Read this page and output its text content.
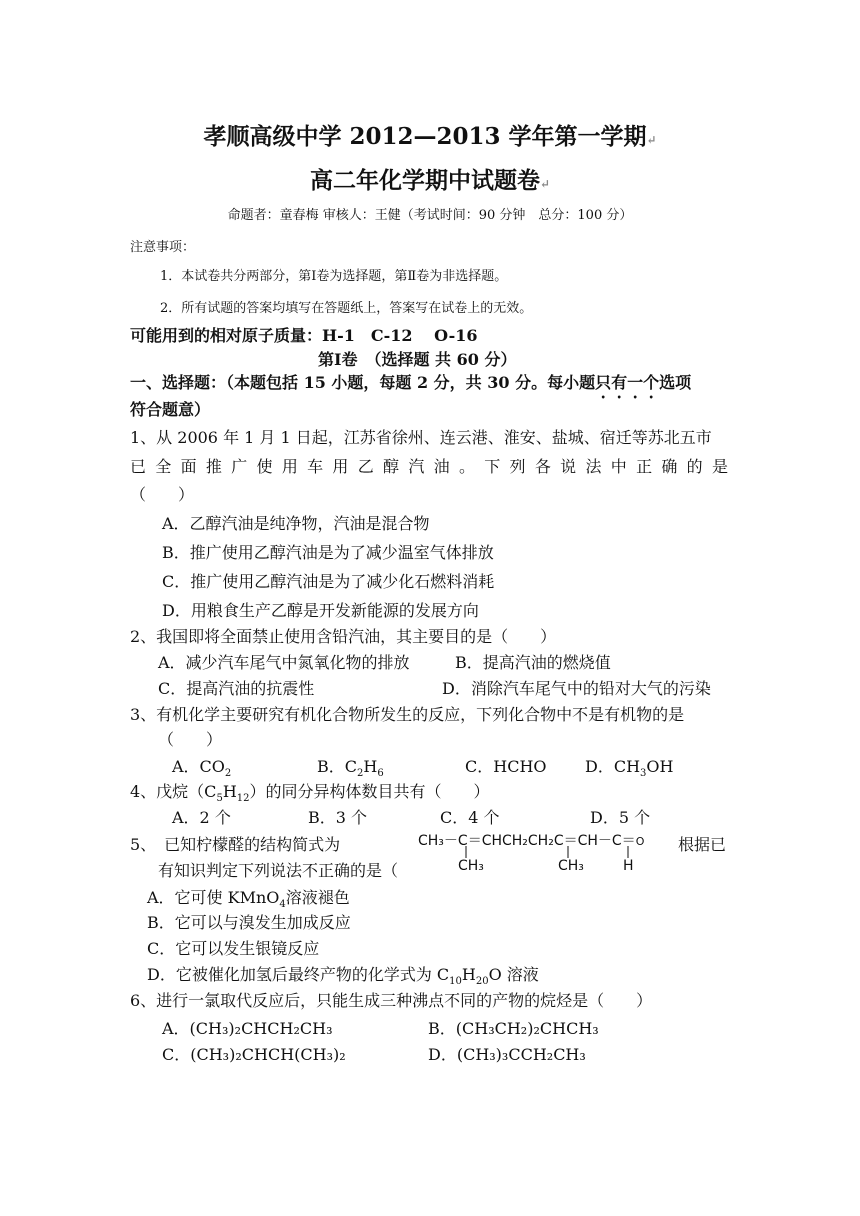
孝顺高级中学 2012—2013 学年第一学期↵
高二年化学期中试题卷↵
命题者：童春梅 审核人：王健（考试时间：90 分钟　总分：100 分）
注意事项：
1．本试卷共分两部分，第Ⅰ卷为选择题，第Ⅱ卷为非选择题。
2．所有试题的答案均填写在答题纸上，答案写在试卷上的无效。
可能用到的相对原子质量：H-1　C-12　 O-16
第Ⅰ卷　（选择题 共 60 分）
一、选择题：（本题包括 15 小题，每题 2 分，共 30 分。每小题只有一个选项
符合题意）
1、从 2006 年 1 月 1 日起，江苏省徐州、连云港、淮安、盐城、宿迁等苏北五市
已全面推广使用车用乙醇汽油。下列各说法中正确的是
（　　）
A．乙醇汽油是纯净物，汽油是混合物
B．推广使用乙醇汽油是为了减少温室气体排放
C．推广使用乙醇汽油是为了减少化石燃料消耗
D．用粮食生产乙醇是开发新能源的发展方向
2、我国即将全面禁止使用含铅汽油，其主要目的是（　　）
A．减少汽车尾气中氮氧化物的排放	B．提高汽油的燃烧值
C．提高汽油的抗震性	D．消除汽车尾气中的铅对大气的污染
3、有机化学主要研究有机化合物所发生的反应，下列化合物中不是有机物的是
（　　）
A．$CO_2$	B．$C_2H_6$	C．HCHO D．$CH_3OH$
4、戊烷$(C_5H_{12})$的同分异构体数目共有（　　）
A．2 个	B．3 个	C．4 个	D．5 个
5、　已知柠檬醛的结构简式为	CH₃－C＝CHCH₂CH₂C＝CH－C＝O
CH₃	CH₃	H
根据已
有知识判定下列说法不正确的是（
A．它可使 KMnO$_4$溶液褪色
B．它可以与溴发生加成反应
C．它可以发生银镜反应
D．它被催化加氢后最终产物的化学式为 $C_{10}H_{20}O$ 溶液
6、进行一氯取代反应后，只能生成三种沸点不同的产物的烷烃是（　　）
A．(CH₃)₂CHCH₂CH₃	B．(CH₃CH₂)₂CHCH₃
C．(CH₃)₂CHCH(CH₃)₂	D．(CH₃)₃CCH₂CH₃
